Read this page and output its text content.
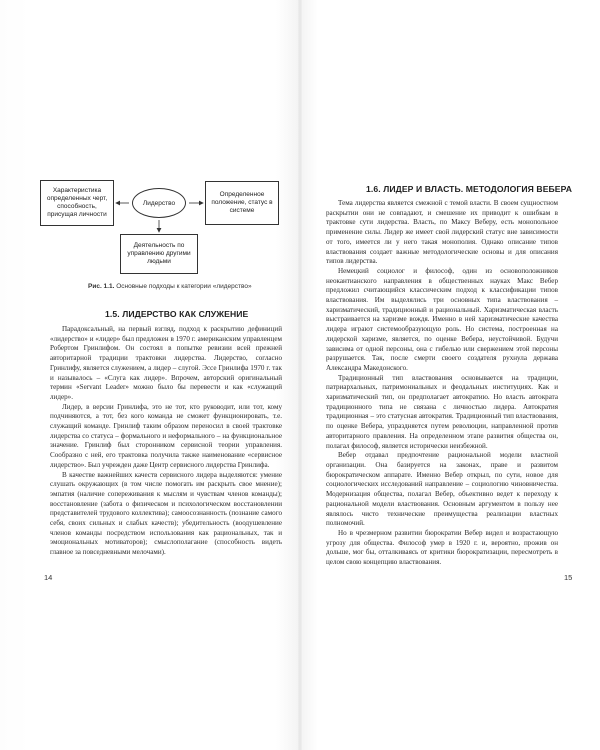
Характеристика определенных черт, способность, присущая личности
Лидерство
Определенное положение, статус в системе
Деятельность по управлению другими людьми
Рис. 1.1. Основные подходы к категории «лидерство»
1.5. ЛИДЕРСТВО КАК СЛУЖЕНИЕ

Парадоксальный, на первый взгляд, подход к раскрытию дефиниций «лидерство» и «лидер» был предложен в 1970 г. американским управленцем Робертом Гринлифом. Он состоял в попытке ревизии всей прежней авторитарной традиции трактовки лидерства. Лидерство, согласно Гринлифу, является служением, а лидер – слугой. Эссе Гринлифа 1970 г. так и называлось – «Слуга как лидер». Впрочем, авторский оригинальный термин «Servant Leader» можно было бы перевести и как «служащий лидер».

Лидер, в версии Гринлифа, это не тот, кто руководит, или тот, кому подчиняются, а тот, без кого команда не сможет функционировать, т.е. служащий команде. Гринлиф таким образом переносил в своей трактовке лидерства со статуса – формального и неформального – на функциональное значение. Гринлиф был сторонником сервисной теории управления. Сообразно с ней, его трактовка получила также наименование «сервисное лидерство». Был учрежден даже Центр сервисного лидерства Гринлифа.

В качестве важнейших качеств сервисного лидера выделяются: умение слушать окружающих (в том числе помогать им раскрыть свое мнение); эмпатия (наличие сопереживания к мыслям и чувствам членов команды); восстановление (забота о физическом и психологическом восстановлении представителей трудового коллектива); самоосознанность (познание самого себя, своих сильных и слабых качеств); убедительность (воодушевление членов команды посредством использования как рациональных, так и эмоциональных мотиваторов); смыслополагание (способность видеть главное за повседневными мелочами).

14
1.6. ЛИДЕР И ВЛАСТЬ. МЕТОДОЛОГИЯ ВЕБЕРА

Тема лидерства является смежной с темой власти. В своем сущностном раскрытии они не совпадают, и смешение их приводит к ошибкам в трактовке сути лидерства. Власть, по Максу Веберу, есть монопольное применение силы. Лидер же имеет свой лидерский статус вне зависимости от того, имеется ли у него такая монополия. Однако описание типов властвования создает важные методологические основы и для описания типов лидерства.

Немецкий социолог и философ, один из основоположников неокантианского направления в общественных науках Макс Вебер предложил считающийся классическим подход к классификации типов властвования. Им выделялись три основных типа властвования – харизматический, традиционный и рациональный. Харизматическая власть выстраивается на харизме вождя. Именно в ней харизматические качества лидера играют системообразующую роль. Но система, построенная на лидерской харизме, является, по оценке Вебера, неустойчивой. Будучи зависима от одной персоны, она с гибелью или свержением этой персоны разрушается. Так, после смерти своего создателя рухнула держава Александра Македонского.

Традиционный тип властвования основывается на традиции, патриархальных, патримониальных и феодальных институциях. Как и харизматический тип, он предполагает автократию. Но власть автократа традиционного типа не связана с личностью лидера. Автократия традиционная – это статусная автократия. Традиционный тип властвования, по оценке Вебера, упраздняется путем революции, направленной против авторитарного правления. На определенном этапе развития общества он, полагал философ, является исторически неизбежной.

Вебер отдавал предпочтение рациональной модели властной организации. Она базируется на законах, праве и развитом бюрократическом аппарате. Именно Вебер открыл, по сути, новое для социологических исследований направление – социологию чиновничества. Модернизация общества, полагал Вебер, объективно ведет к переходу к рациональной модели властвования. Основным аргументом в пользу нее являлось чисто технические преимущества реализации властных полномочий.

Но в чрезмерном развитии бюрократии Вебер видел и возрастающую угрозу для общества. Философ умер в 1920 г. и, вероятно, прожив он дольше, мог бы, отталкиваясь от критики бюрократизации, пересмотреть в целом свою концепцию властвования.

15
